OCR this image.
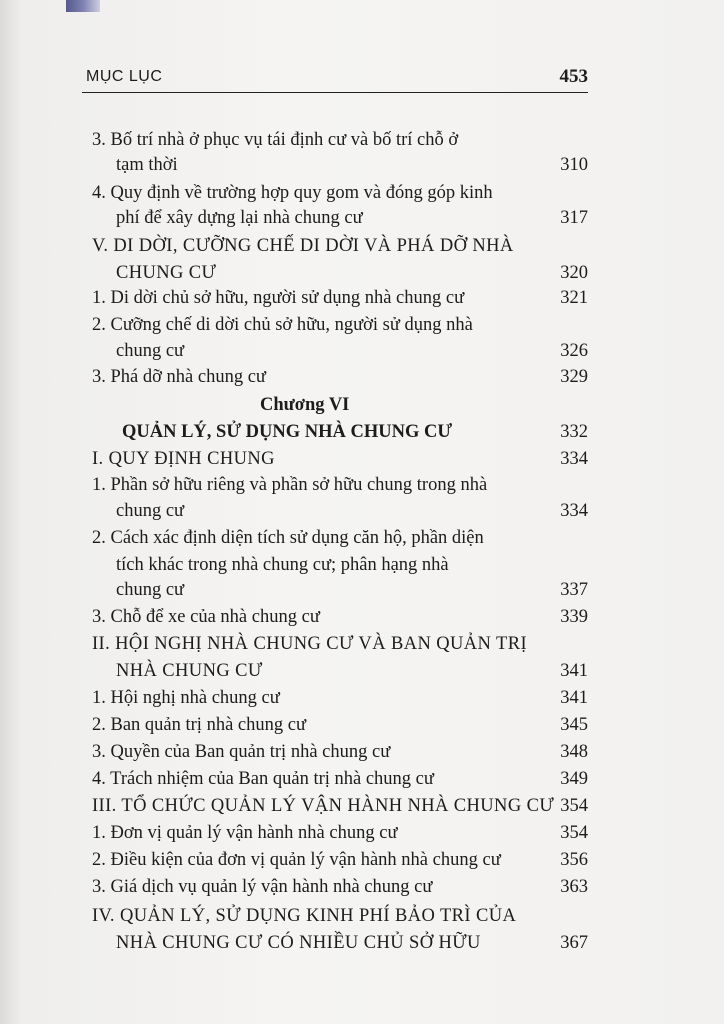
MỤC LỤC	453
3. Bố trí nhà ở phục vụ tái định cư và bố trí chỗ ở
tạm thời	310
4. Quy định về trường hợp quy gom và đóng góp kinh
phí để xây dựng lại nhà chung cư	317
V. DI DỜI, CƯỠNG CHẾ DI DỜI VÀ PHÁ DỠ NHÀ
CHUNG CƯ	320
1. Di dời chủ sở hữu, người sử dụng nhà chung cư	321
2. Cưỡng chế di dời chủ sở hữu, người sử dụng nhà
chung cư	326
3. Phá dỡ nhà chung cư	329
Chương VI
QUẢN LÝ, SỬ DỤNG NHÀ CHUNG CƯ	332
I. QUY ĐỊNH CHUNG	334
1. Phần sở hữu riêng và phần sở hữu chung trong nhà
chung cư	334
2. Cách xác định diện tích sử dụng căn hộ, phần diện
tích khác trong nhà chung cư; phân hạng nhà
chung cư	337
3. Chỗ để xe của nhà chung cư	339
II. HỘI NGHỊ NHÀ CHUNG CƯ VÀ BAN QUẢN TRỊ
NHÀ CHUNG CƯ	341
1. Hội nghị nhà chung cư	341
2. Ban quản trị nhà chung cư	345
3. Quyền của Ban quản trị nhà chung cư	348
4. Trách nhiệm của Ban quản trị nhà chung cư	349
III. TỔ CHỨC QUẢN LÝ VẬN HÀNH NHÀ CHUNG CƯ 354
1. Đơn vị quản lý vận hành nhà chung cư	354
2. Điều kiện của đơn vị quản lý vận hành nhà chung cư	356
3. Giá dịch vụ quản lý vận hành nhà chung cư	363
IV. QUẢN LÝ, SỬ DỤNG KINH PHÍ BẢO TRÌ CỦA
NHÀ CHUNG CƯ CÓ NHIỀU CHỦ SỞ HỮU	367
